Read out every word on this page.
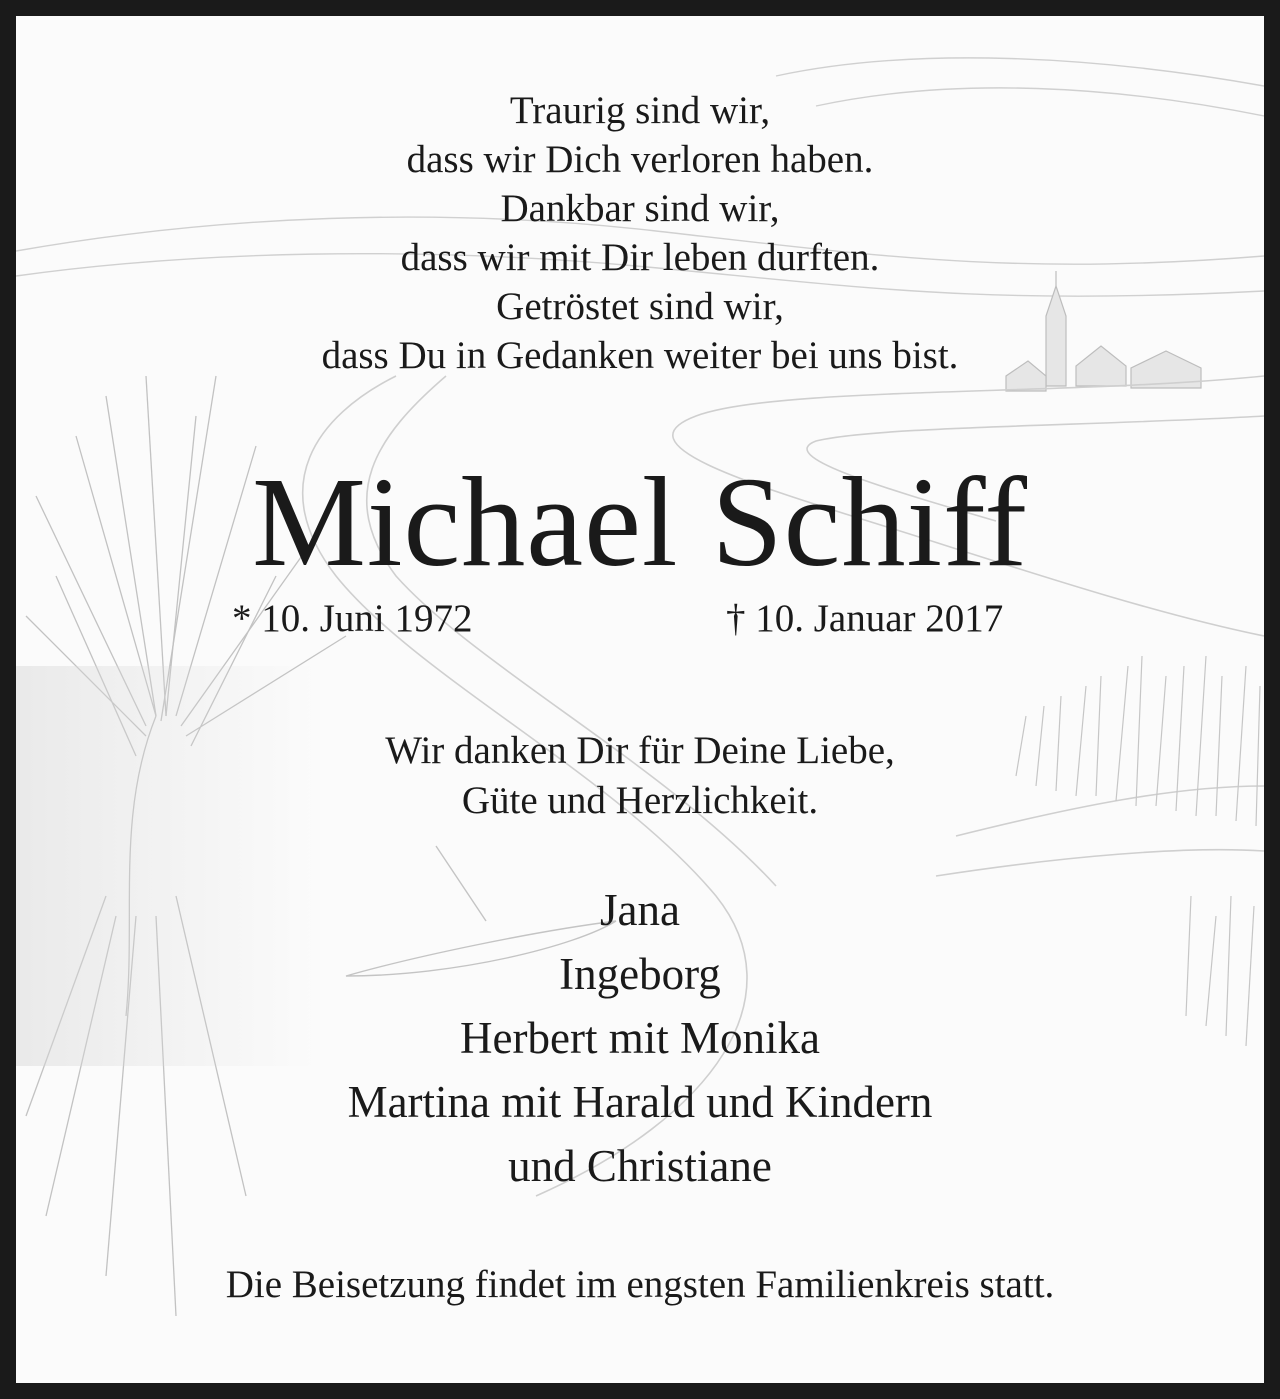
Traurig sind wir,
dass wir Dich verloren haben.
Dankbar sind wir,
dass wir mit Dir leben durften.
Getröstet sind wir,
dass Du in Gedanken weiter bei uns bist.
Michael Schiff
* 10. Juni 1972	† 10. Januar 2017
Wir danken Dir für Deine Liebe,
Güte und Herzlichkeit.
Jana
Ingeborg
Herbert mit Monika
Martina mit Harald und Kindern
und Christiane
Die Beisetzung findet im engsten Familienkreis statt.
